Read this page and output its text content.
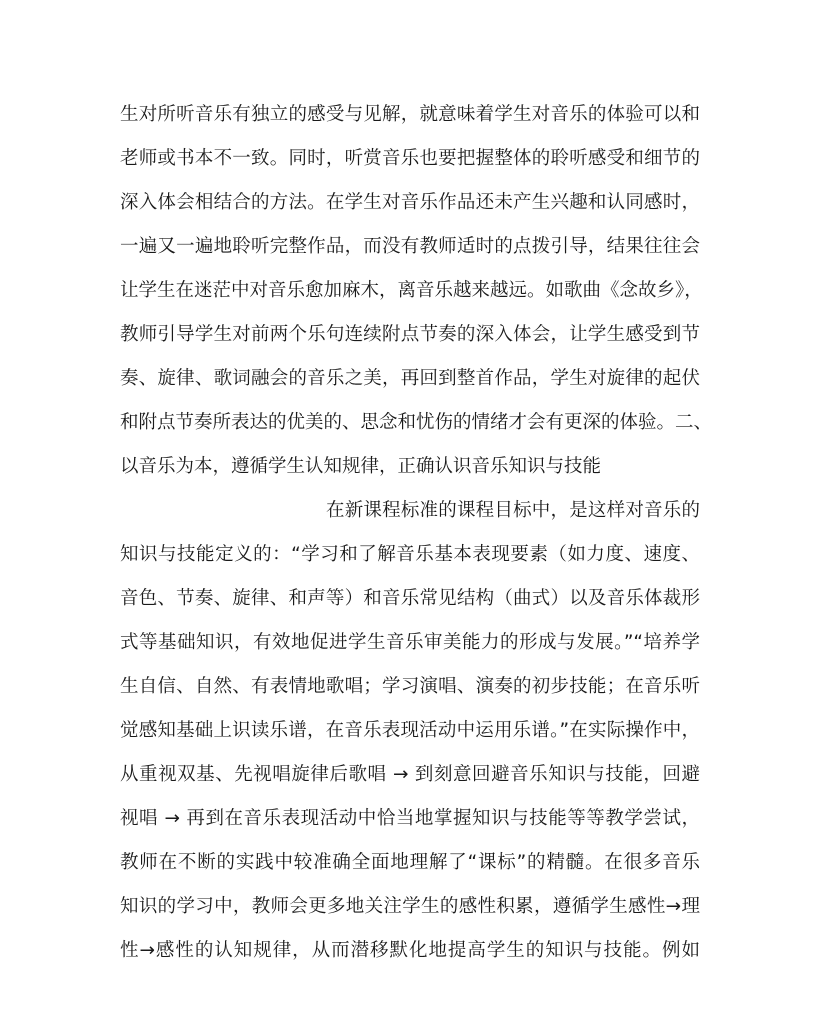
生对所听音乐有独立的感受与见解，就意味着学生对音乐的体验可以和
老师或书本不一致。同时，听赏音乐也要把握整体的聆听感受和细节的
深入体会相结合的方法。在学生对音乐作品还未产生兴趣和认同感时，
一遍又一遍地聆听完整作品，而没有教师适时的点拨引导，结果往往会
让学生在迷茫中对音乐愈加麻木，离音乐越来越远。如歌曲《念故乡》，
教师引导学生对前两个乐句连续附点节奏的深入体会，让学生感受到节
奏、旋律、歌词融会的音乐之美，再回到整首作品，学生对旋律的起伏
和附点节奏所表达的优美的、思念和忧伤的情绪才会有更深的体验。二、
以音乐为本，遵循学生认知规律，正确认识音乐知识与技能
在新课程标准的课程目标中，是这样对音乐的
知识与技能定义的：“学习和了解音乐基本表现要素（如力度、速度、
音色、节奏、旋律、和声等）和音乐常见结构（曲式）以及音乐体裁形
式等基础知识，有效地促进学生音乐审美能力的形成与发展。”“培养学
生自信、自然、有表情地歌唱；学习演唱、演奏的初步技能；在音乐听
觉感知基础上识读乐谱，在音乐表现活动中运用乐谱。”在实际操作中，
从重视双基、先视唱旋律后歌唱 → 到刻意回避音乐知识与技能，回避
视唱 → 再到在音乐表现活动中恰当地掌握知识与技能等等教学尝试，
教师在不断的实践中较准确全面地理解了“课标”的精髓。在很多音乐
知识的学习中，教师会更多地关注学生的感性积累，遵循学生感性→理
性→感性的认知规律，从而潜移默化地提高学生的知识与技能。例如
